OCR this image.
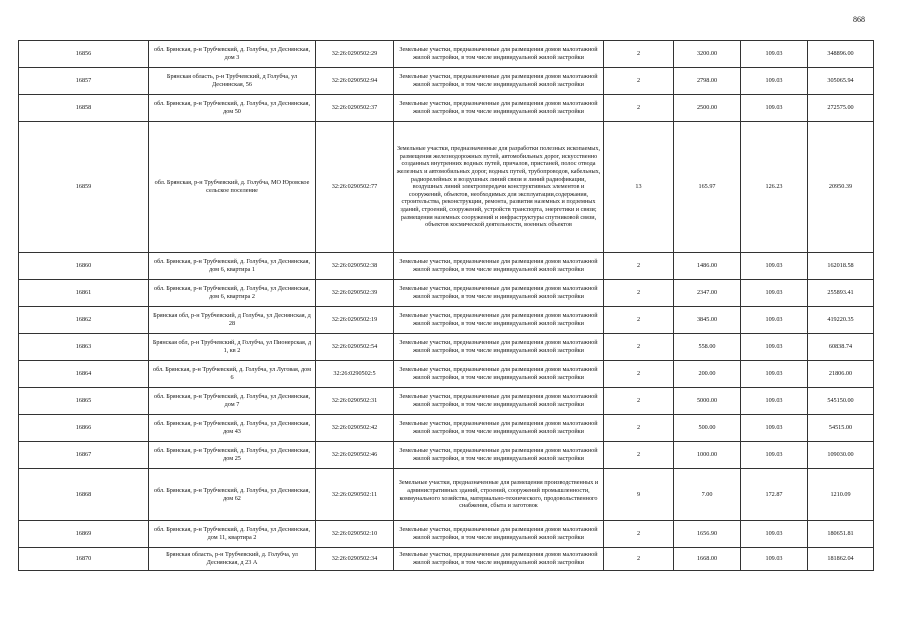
868
16856	обл. Брянская, р-н Трубчевский, д. Голубча, ул Деснянская, дом 3	32:26:0290502:29	Земельные участки, предназначенные для размещения домов малоэтажной жилой застройки, в том числе индивидуальной жилой застройки	2	3200.00	109.03	348896.00
16857	Брянская область, р-н Трубчевский, д Голубча, ул Деснянская, 56	32:26:0290502:94	Земельные участки, предназначенные для размещения домов малоэтажной жилой застройки, в том числе индивидуальной жилой застройки	2	2798.00	109.03	305065.94
16858	обл. Брянская, р-н Трубчевский, д. Голубча, ул Деснянская, дом 50	32:26:0290502:37	Земельные участки, предназначенные для размещения домов малоэтажной жилой застройки, в том числе индивидуальной жилой застройки	2	2500.00	109.03	272575.00
16859	обл. Брянская, р-н Трубчевский, д. Голубча, МО Юровское сельское поселение	32:26:0290502:77	Земельные участки, предназначенные для разработки полезных ископаемых, размещения железнодорожных путей, автомобильных дорог, искусственно созданных внутренних водных путей, причалов, пристаней, полос отвода железных и автомобильных дорог, водных путей, трубопроводов, кабельных, радиорелейных и воздушных линий связи и линий радиофикации, воздушных линий электропередачи конструктивных элементов и сооружений, объектов, необходимых для эксплуатации,содержания, строительства, реконструкции, ремонта, развития наземных и подземных зданий, строений, сооружений, устройств транспорта, энергетики и связи; размещения наземных сооружений и инфраструктуры спутниковой связи, объектов космической деятельности, военных объектов	13	165.97	126.23	20950.39
16860	обл. Брянская, р-н Трубчевский, д. Голубча, ул Деснянская, дом 6, квартира 1	32:26:0290502:38	Земельные участки, предназначенные для размещения домов малоэтажной жилой застройки, в том числе индивидуальной жилой застройки	2	1486.00	109.03	162018.58
16861	обл. Брянская, р-н Трубчевский, д. Голубча, ул Деснянская, дом 6, квартира 2	32:26:0290502:39	Земельные участки, предназначенные для размещения домов малоэтажной жилой застройки, в том числе индивидуальной жилой застройки	2	2347.00	109.03	255893.41
16862	Брянская обл, р-н Трубчевский, д Голубча, ул Деснянская, д 28	32:26:0290502:19	Земельные участки, предназначенные для размещения домов малоэтажной жилой застройки, в том числе индивидуальной жилой застройки	2	3845.00	109.03	419220.35
16863	Брянская обл, р-н Трубчевский, д Голубча, ул Пионерская, д 1, кв 2	32:26:0290502:54	Земельные участки, предназначенные для размещения домов малоэтажной жилой застройки, в том числе индивидуальной жилой застройки	2	558.00	109.03	60838.74
16864	обл. Брянская, р-н Трубчевский, д. Голубча, ул Луговая, дом 6	32:26:0290502:5	Земельные участки, предназначенные для размещения домов малоэтажной жилой застройки, в том числе индивидуальной жилой застройки	2	200.00	109.03	21806.00
16865	обл. Брянская, р-н Трубчевский, д. Голубча, ул Деснянская, дом 7	32:26:0290502:31	Земельные участки, предназначенные для размещения домов малоэтажной жилой застройки, в том числе индивидуальной жилой застройки	2	5000.00	109.03	545150.00
16866	обл. Брянская, р-н Трубчевский, д. Голубча, ул Деснянская, дом 43	32:26:0290502:42	Земельные участки, предназначенные для размещения домов малоэтажной жилой застройки, в том числе индивидуальной жилой застройки	2	500.00	109.03	54515.00
16867	обл. Брянская, р-н Трубчевский, д. Голубча, ул Деснянская, дом 25	32:26:0290502:46	Земельные участки, предназначенные для размещения домов малоэтажной жилой застройки, в том числе индивидуальной жилой застройки	2	1000.00	109.03	109030.00
16868	обл. Брянская, р-н Трубчевский, д. Голубча, ул Деснянская, дом 62	32:26:0290502:11	Земельные участки, предназначенные для размещения производственных и административных зданий, строений, сооружений промышленности, коммунального хозяйства, материально-технического, продовольственного снабжения, сбыта и заготовок	9	7.00	172.87	1210.09
16869	обл. Брянская, р-н Трубчевский, д. Голубча, ул Деснянская, дом 11, квартира 2	32:26:0290502:10	Земельные участки, предназначенные для размещения домов малоэтажной жилой застройки, в том числе индивидуальной жилой застройки	2	1656.90	109.03	180651.81
16870	Брянская область, р-н Трубчевский, д. Голубча, ул Деснянская, д 23 А	32:26:0290502:34	Земельные участки, предназначенные для размещения домов малоэтажной жилой застройки, в том числе индивидуальной жилой застройки	2	1668.00	109.03	181862.04
